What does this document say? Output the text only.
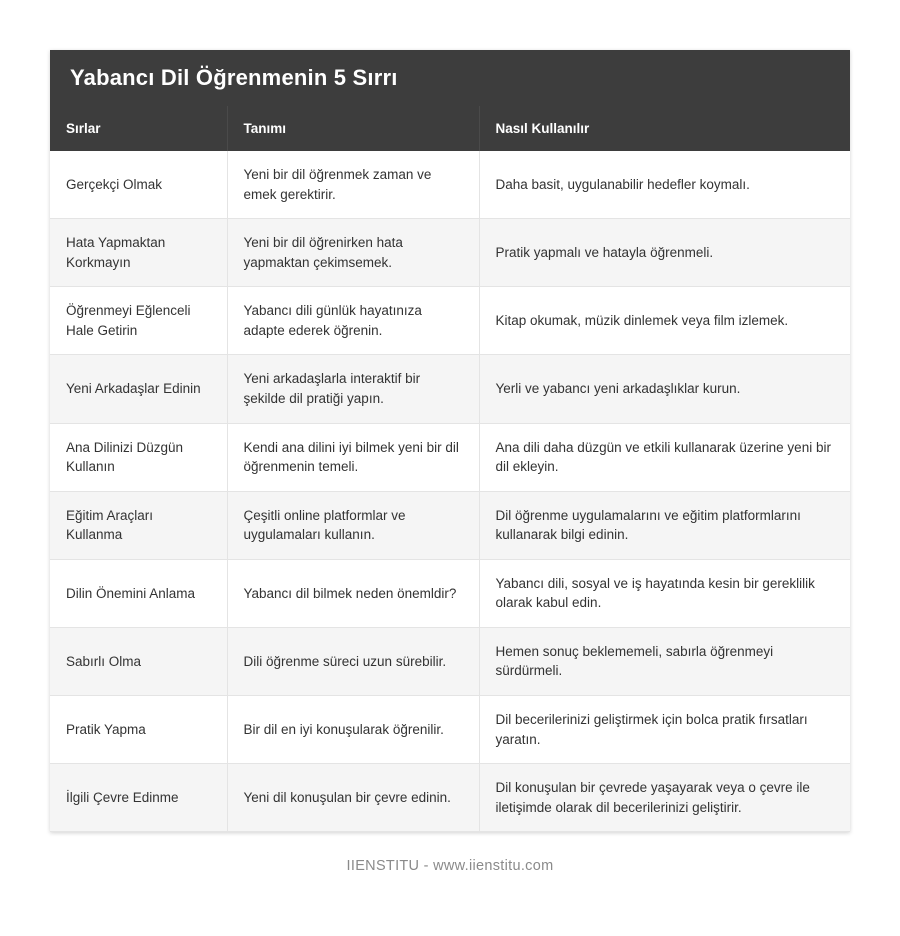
Yabancı Dil Öğrenmenin 5 Sırrı
Sırlar	Tanımı	Nasıl Kullanılır
Gerçekçi Olmak	Yeni bir dil öğrenmek zaman ve emek gerektirir.	Daha basit, uygulanabilir hedefler koymalı.
Hata Yapmaktan Korkmayın	Yeni bir dil öğrenirken hata yapmaktan çekimsemek.	Pratik yapmalı ve hatayla öğrenmeli.
Öğrenmeyi Eğlenceli Hale Getirin	Yabancı dili günlük hayatınıza adapte ederek öğrenin.	Kitap okumak, müzik dinlemek veya film izlemek.
Yeni Arkadaşlar Edinin	Yeni arkadaşlarla interaktif bir şekilde dil pratiği yapın.	Yerli ve yabancı yeni arkadaşlıklar kurun.
Ana Dilinizi Düzgün Kullanın	Kendi ana dilini iyi bilmek yeni bir dil öğrenmenin temeli.	Ana dili daha düzgün ve etkili kullanarak üzerine yeni bir dil ekleyin.
Eğitim Araçları Kullanma	Çeşitli online platformlar ve uygulamaları kullanın.	Dil öğrenme uygulamalarını ve eğitim platformlarını kullanarak bilgi edinin.
Dilin Önemini Anlama	Yabancı dil bilmek neden önemldir?	Yabancı dili, sosyal ve iş hayatında kesin bir gereklilik olarak kabul edin.
Sabırlı Olma	Dili öğrenme süreci uzun sürebilir.	Hemen sonuç beklememeli, sabırla öğrenmeyi sürdürmeli.
Pratik Yapma	Bir dil en iyi konuşularak öğrenilir.	Dil becerilerinizi geliştirmek için bolca pratik fırsatları yaratın.
İlgili Çevre Edinme	Yeni dil konuşulan bir çevre edinin.	Dil konuşulan bir çevrede yaşayarak veya o çevre ile iletişimde olarak dil becerilerinizi geliştirir.
IIENSTITU - www.iienstitu.com
